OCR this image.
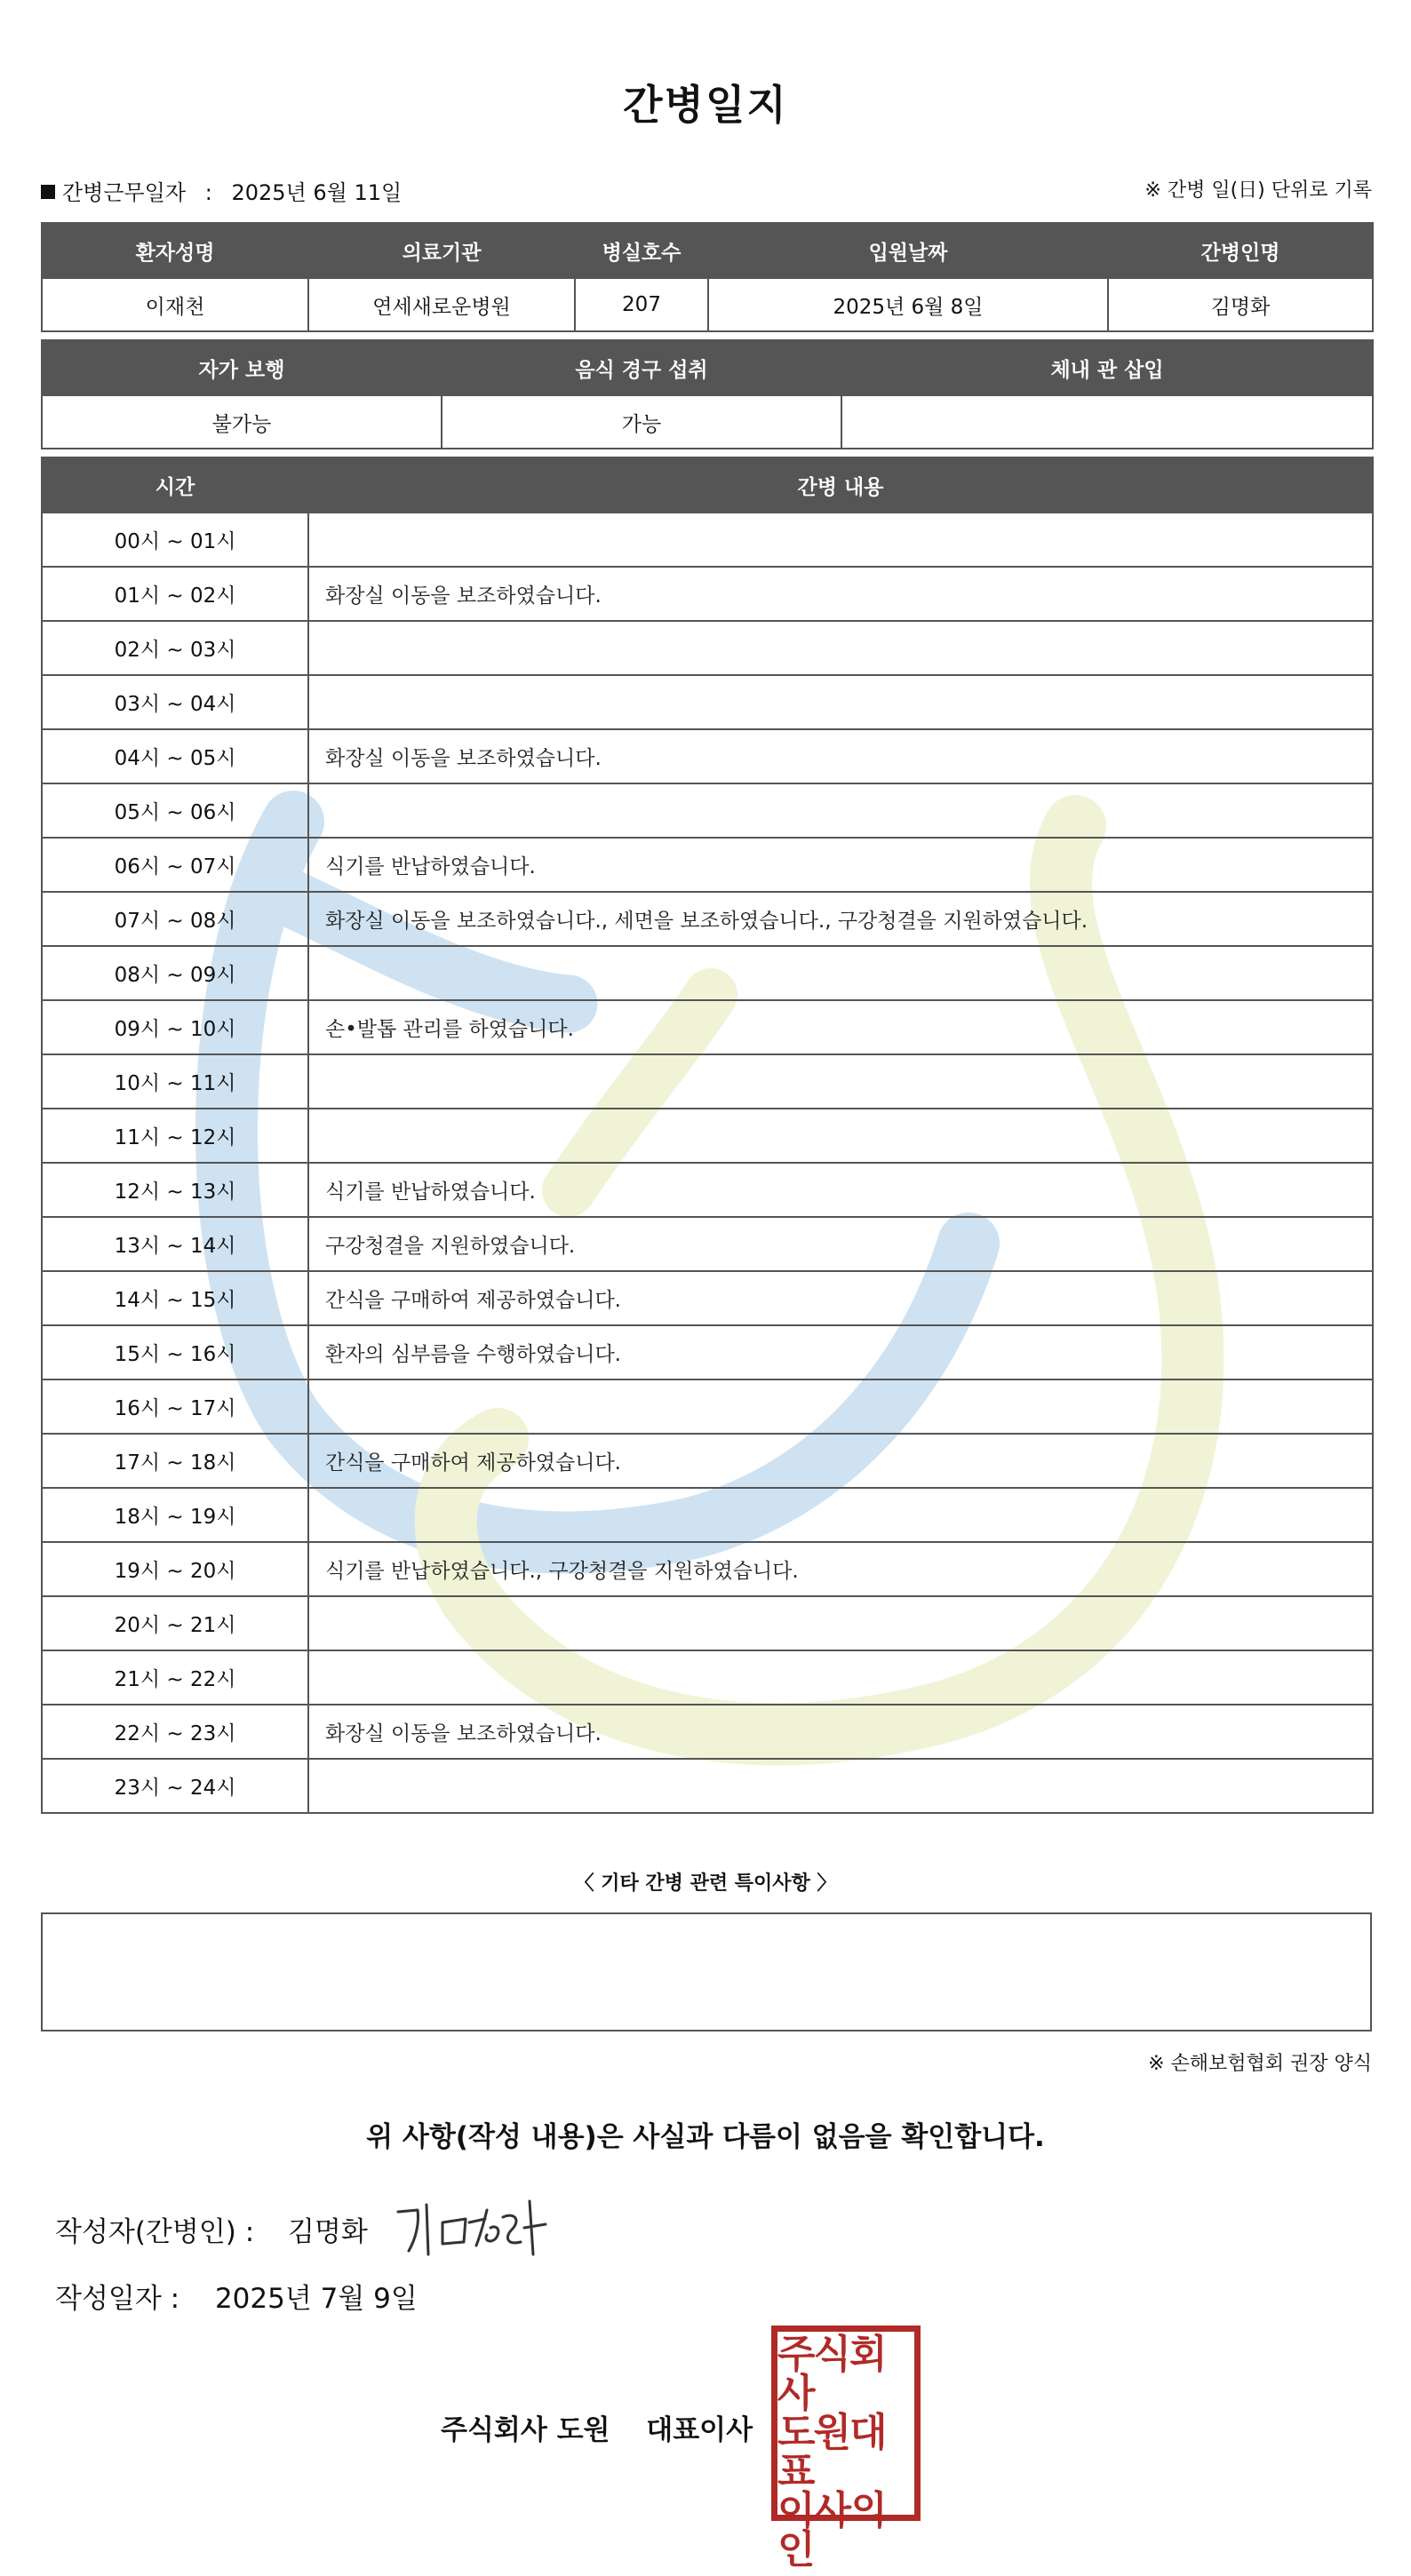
간병일지
간병근무일자 : 2025년 6월 11일	※ 간병 일(日) 단위로 기록
환자성명	의료기관	병실호수	입원날짜	간병인명
이재천	연세새로운병원	207	2025년 6월 8일	김명화
자가 보행	음식 경구 섭취	체내 관 삽입
불가능	가능	
시간	간병 내용
00시 ~ 01시	
01시 ~ 02시	화장실 이동을 보조하였습니다.
02시 ~ 03시	
03시 ~ 04시	
04시 ~ 05시	화장실 이동을 보조하였습니다.
05시 ~ 06시	
06시 ~ 07시	식기를 반납하였습니다.
07시 ~ 08시	화장실 이동을 보조하였습니다., 세면을 보조하였습니다., 구강청결을 지원하였습니다.
08시 ~ 09시	
09시 ~ 10시	손•발톱 관리를 하였습니다.
10시 ~ 11시	
11시 ~ 12시	
12시 ~ 13시	식기를 반납하였습니다.
13시 ~ 14시	구강청결을 지원하였습니다.
14시 ~ 15시	간식을 구매하여 제공하였습니다.
15시 ~ 16시	환자의 심부름을 수행하였습니다.
16시 ~ 17시	
17시 ~ 18시	간식을 구매하여 제공하였습니다.
18시 ~ 19시	
19시 ~ 20시	식기를 반납하였습니다., 구강청결을 지원하였습니다.
20시 ~ 21시	
21시 ~ 22시	
22시 ~ 23시	화장실 이동을 보조하였습니다.
23시 ~ 24시	
〈 기타 간병 관련 특이사항 〉
※ 손해보험협회 권장 양식
위 사항(작성 내용)은 사실과 다름이 없음을 확인합니다.
작성자(간병인) : 김명화
작성일자 : 2025년 7월 9일
주식회사 도원 대표이사
주식회사
도원대표
이사의인
